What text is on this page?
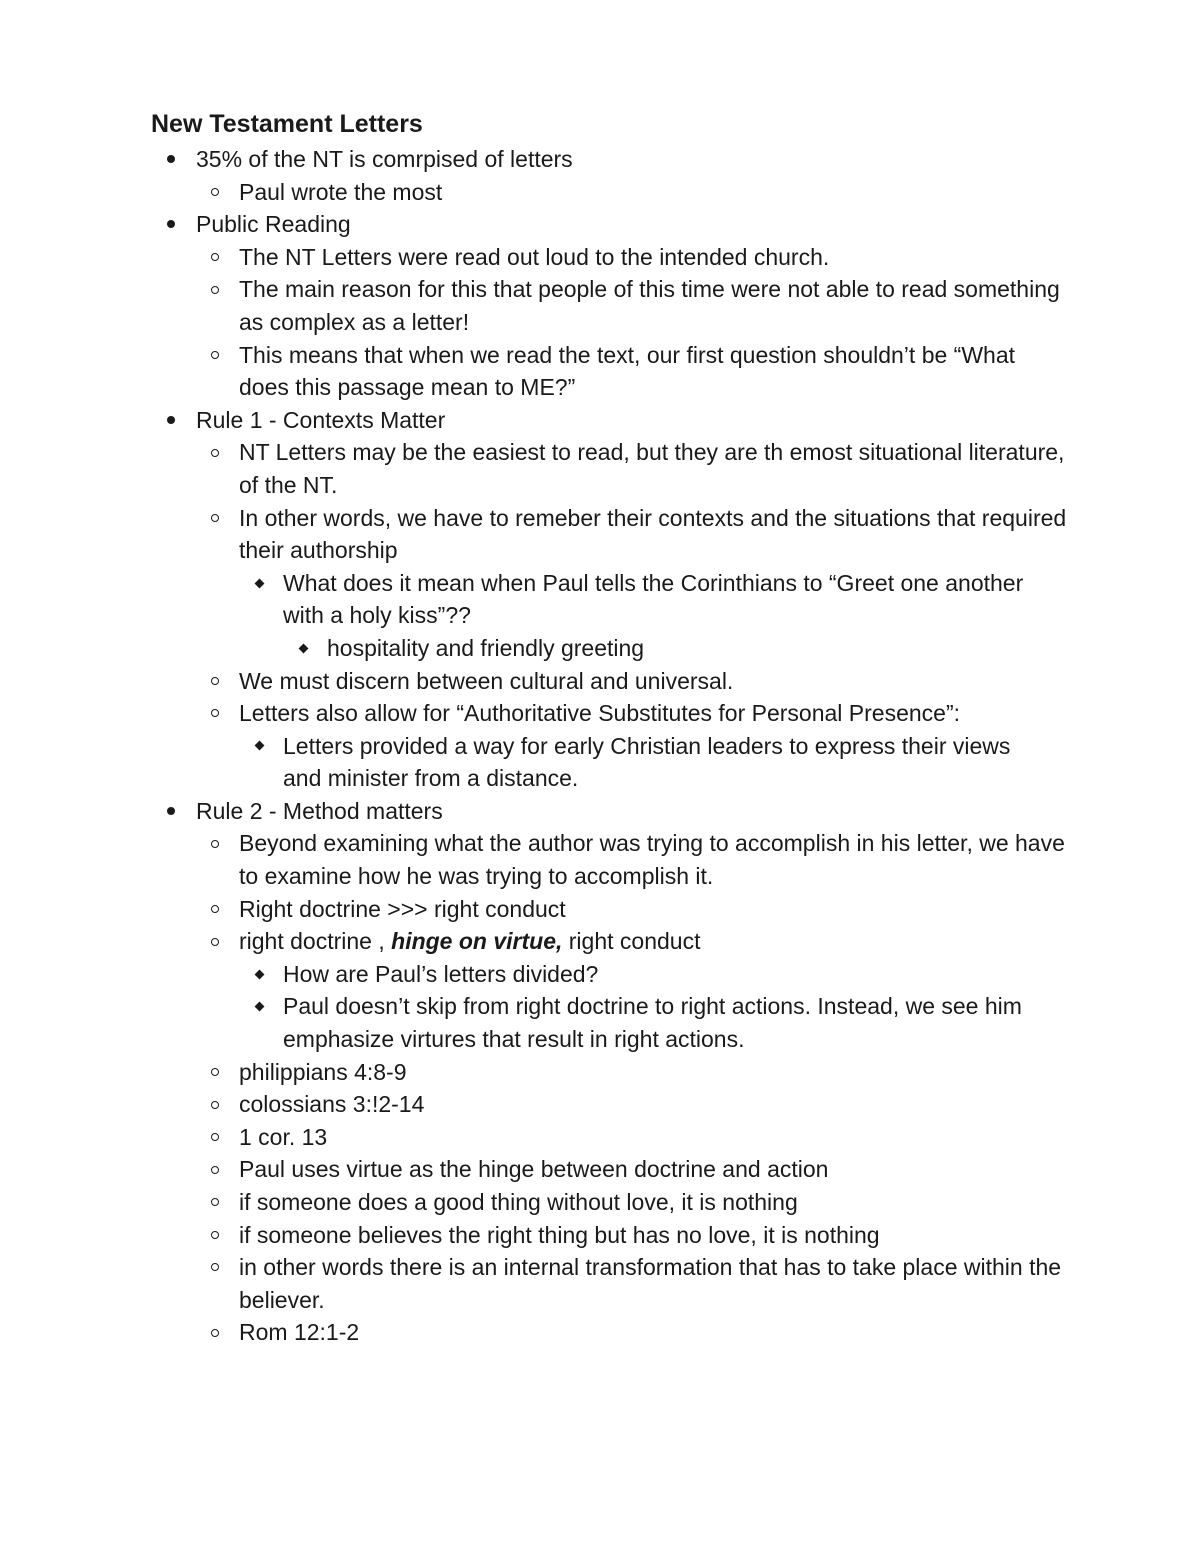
New Testament Letters
35% of the NT is comrpised of letters
Paul wrote the most
Public Reading
The NT Letters were read out loud to the intended church.
The main reason for this that people of this time were not able to read something as complex as a letter!
This means that when we read the text, our first question shouldn’t be “What does this passage mean to ME?”
Rule 1 - Contexts Matter
NT Letters may be the easiest to read, but they are th emost situational literature, of the NT.
In other words, we have to remeber their contexts and the situations that required their authorship
What does it mean when Paul tells the Corinthians to “Greet one another with a holy kiss”??
hospitality and friendly greeting
We must discern between cultural and universal.
Letters also allow for “Authoritative Substitutes for Personal Presence”:
Letters provided a way for early Christian leaders to express their views and minister from a distance.
Rule 2 - Method matters
Beyond examining what the author was trying to accomplish in his letter, we have to examine how he was trying to accomplish it.
Right doctrine >>> right conduct
right doctrine , hinge on virtue, right conduct
How are Paul’s letters divided?
Paul doesn’t skip from right doctrine to right actions. Instead, we see him emphasize virtures that result in right actions.
philippians 4:8-9
colossians 3:!2-14
1 cor. 13
Paul uses virtue as the hinge between doctrine and action
if someone does a good thing without love, it is nothing
if someone believes the right thing but has no love, it is nothing
in other words there is an internal transformation that has to take place within the believer.
Rom 12:1-2
